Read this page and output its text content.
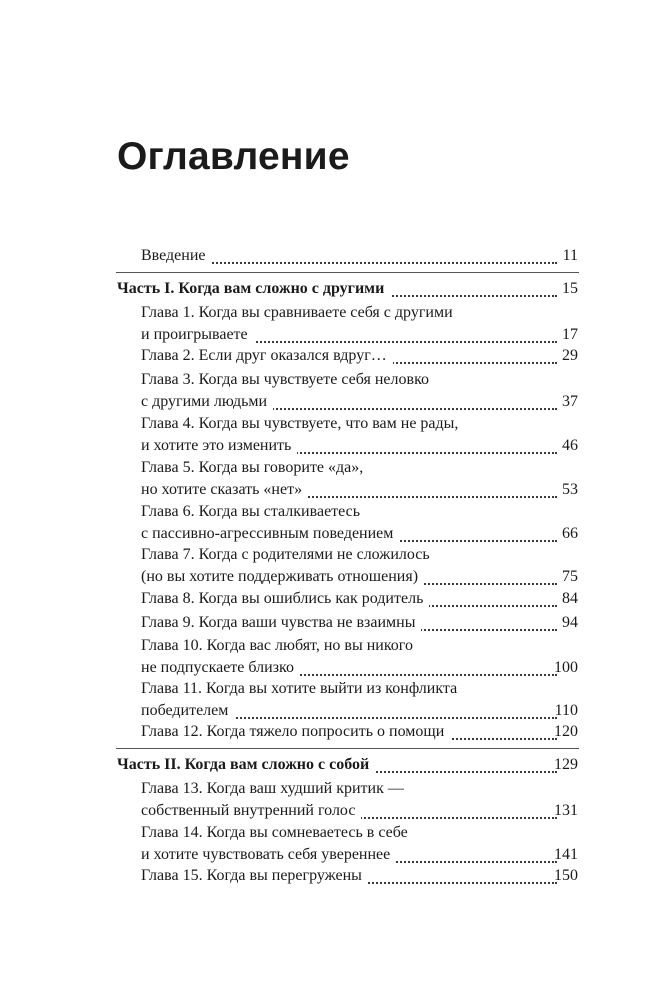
Оглавление
Введение	11
Часть I. Когда вам сложно с другими	15
Глава 1. Когда вы сравниваете себя с другими
и проигрываете	17
Глава 2. Если друг оказался вдруг…	29
Глава 3. Когда вы чувствуете себя неловко
с другими людьми	37
Глава 4. Когда вы чувствуете, что вам не рады,
и хотите это изменить	46
Глава 5. Когда вы говорите «да»,
но хотите сказать «нет»	53
Глава 6. Когда вы сталкиваетесь
с пассивно-агрессивным поведением	66
Глава 7. Когда с родителями не сложилось
(но вы хотите поддерживать отношения)	75
Глава 8. Когда вы ошиблись как родитель	84
Глава 9. Когда ваши чувства не взаимны	94
Глава 10. Когда вас любят, но вы никого
не подпускаете близко	100
Глава 11. Когда вы хотите выйти из конфликта
победителем	110
Глава 12. Когда тяжело попросить о помощи	120
Часть II. Когда вам сложно с собой	129
Глава 13. Когда ваш худший критик —
собственный внутренний голос	131
Глава 14. Когда вы сомневаетесь в себе
и хотите чувствовать себя увереннее	141
Глава 15. Когда вы перегружены	150
